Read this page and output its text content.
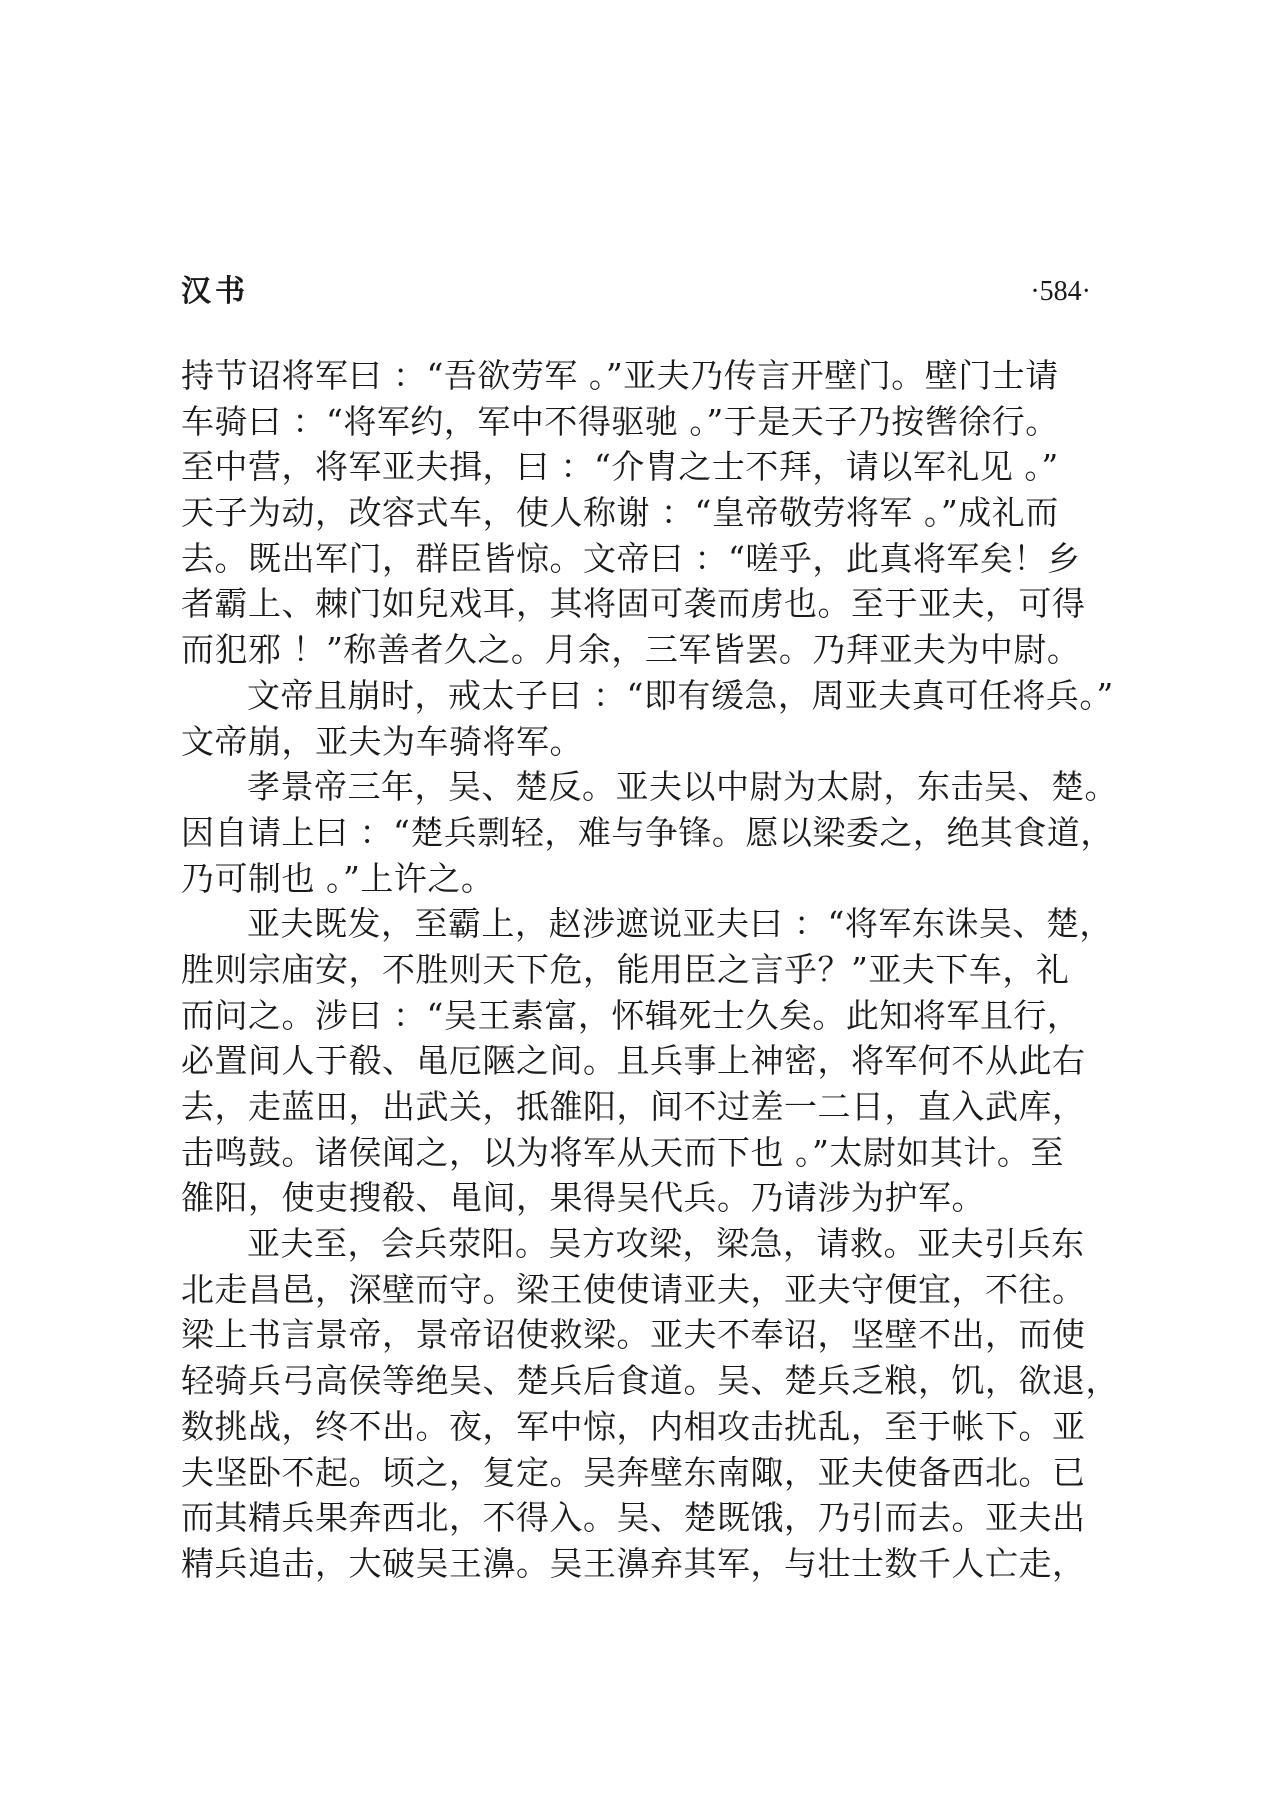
汉书	·584·
持节诏将军曰 ：“吾欲劳军 。”亚夫乃传言开壁门。壁门士请
车骑曰 ：“将军约，军中不得驱驰 。”于是天子乃按辔徐行。
至中营，将军亚夫揖，曰 ：“介胄之士不拜，请以军礼见 。”
天子为动，改容式车，使人称谢 ：“皇帝敬劳将军 。”成礼而
去。既出军门，群臣皆惊。文帝曰 ：“嗟乎，此真将军矣！乡
者霸上、棘门如兒戏耳，其将固可袭而虏也。至于亚夫，可得
而犯邪 ！”称善者久之。月余，三军皆罢。乃拜亚夫为中尉。
文帝且崩时，戒太子曰 ：“即有缓急，周亚夫真可任将兵。”
文帝崩，亚夫为车骑将军。
孝景帝三年，吴、楚反。亚夫以中尉为太尉，东击吴、楚。
因自请上曰 ：“楚兵剽轻，难与争锋。愿以梁委之，绝其食道，
乃可制也 。”上许之。
亚夫既发，至霸上，赵涉遮说亚夫曰 ：“将军东诛吴、楚，
胜则宗庙安，不胜则天下危，能用臣之言乎？”亚夫下车，礼
而问之。涉曰 ：“吴王素富，怀辑死士久矣。此知将军且行，
必置间人于殽、黾厄陿之间。且兵事上神密，将军何不从此右
去，走蓝田，出武关，抵雒阳，间不过差一二日，直入武库，
击鸣鼓。诸侯闻之，以为将军从天而下也 。”太尉如其计。至
雒阳，使吏搜殽、黾间，果得吴代兵。乃请涉为护军。
亚夫至，会兵荥阳。吴方攻梁，梁急，请救。亚夫引兵东
北走昌邑，深壁而守。梁王使使请亚夫，亚夫守便宜，不往。
梁上书言景帝，景帝诏使救梁。亚夫不奉诏，坚壁不出，而使
轻骑兵弓高侯等绝吴、楚兵后食道。吴、楚兵乏粮，饥，欲退，
数挑战，终不出。夜，军中惊，内相攻击扰乱，至于帐下。亚
夫坚卧不起。顷之，复定。吴奔壁东南陬，亚夫使备西北。已
而其精兵果奔西北，不得入。吴、楚既饿，乃引而去。亚夫出
精兵追击，大破吴王濞。吴王濞弃其军，与壮士数千人亡走，
